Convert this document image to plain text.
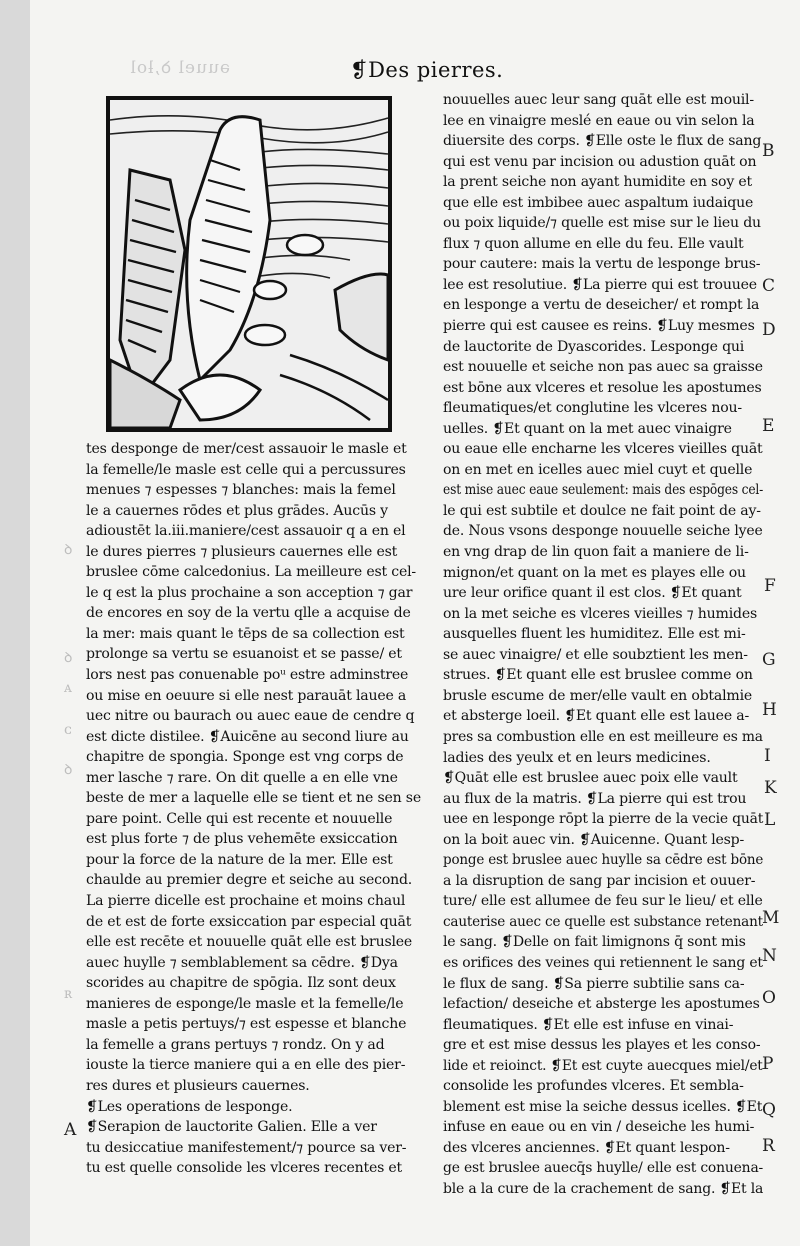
ǝuuel ꝺ,ƚol	❡Des pierres.
tes desponge de mer/cest assauoir le masle et
la femelle/le masle est celle qui a percussures
menues ⁊ espesses ⁊ blanches: mais la femel
le a cauernes rōdes et plus grādes. Aucūs y
adioustēt la.iii.maniere/cest assauoir q a en el
le dures pierres ⁊ plusieurs cauernes elle est
bruslee cōme calcedonius. La meilleure est cel-
le q est la plus prochaine a son acception ⁊ gar
de encores en soy de la vertu qlle a acquise de
la mer: mais quant le tēps de sa collection est
prolonge sa vertu se esuanoist et se passe/ et
lors nest pas conuenable poᵘ estre adminstree
ou mise en oeuure si elle nest parauāt lauee a
uec nitre ou baurach ou auec eaue de cendre q
est dicte distilee. ❡Auicēne au second liure au
chapitre de spongia. Sponge est vng corps de
mer lasche ⁊ rare. On dit quelle a en elle vne
beste de mer a laquelle elle se tient et ne sen se
pare point. Celle qui est recente et nouuelle
est plus forte ⁊ de plus vehemēte exsiccation
pour la force de la nature de la mer. Elle est
chaulde au premier degre et seiche au second.
La pierre dicelle est prochaine et moins chaul
de et est de forte exsiccation par especial quāt
elle est recēte et nouuelle quāt elle est bruslee
auec huylle ⁊ semblablement sa cēdre. ❡Dya
scorides au chapitre de spōgia. Ilz sont deux
manieres de esponge/le masle et la femelle/le
masle a petis pertuys/⁊ est espesse et blanche
la femelle a grans pertuys ⁊ rondz. On y ad
iouste la tierce maniere qui a en elle des pier-
res dures et plusieurs cauernes.
❡Les operations de lesponge.
❡Serapion de lauctorite Galien. Elle a ver
tu desiccatiue manifestement/⁊ pource sa ver-
tu est quelle consolide les vlceres recentes et
nouuelles auec leur sang quāt elle est mouil-
lee en vinaigre meslé en eaue ou vin selon la
diuersite des corps. ❡Elle oste le flux de sang
qui est venu par incision ou adustion quāt on
la prent seiche non ayant humidite en soy et
que elle est imbibee auec aspaltum iudaique
ou poix liquide/⁊ quelle est mise sur le lieu du
flux ⁊ quon allume en elle du feu. Elle vault
pour cautere: mais la vertu de lesponge brus-
lee est resolutiue. ❡La pierre qui est trouuee
en lesponge a vertu de deseicher/ et rompt la
pierre qui est causee es reins. ❡Luy mesmes
de lauctorite de Dyascorides. Lesponge qui
est nouuelle et seiche non pas auec sa graisse
est bōne aux vlceres et resolue les apostumes
fleumatiques/et conglutine les vlceres nou-
uelles. ❡Et quant on la met auec vinaigre
ou eaue elle encharne les vlceres vieilles quāt
on en met en icelles auec miel cuyt et quelle
est mise auec eaue seulement: mais des espōges cel-
le qui est subtile et doulce ne fait point de ay-
de. Nous vsons desponge nouuelle seiche lyee
en vng drap de lin quon fait a maniere de li-
mignon/et quant on la met es playes elle ou
ure leur orifice quant il est clos. ❡Et quant
on la met seiche es vlceres vieilles ⁊ humides
ausquelles fluent les humiditez. Elle est mi-
se auec vinaigre/ et elle soubztient les men-
strues. ❡Et quant elle est bruslee comme on
brusle escume de mer/elle vault en obtalmie
et absterge loeil. ❡Et quant elle est lauee a-
pres sa combustion elle en est meilleure es ma
ladies des yeulx et en leurs medicines.
❡Quāt elle est bruslee auec poix elle vault
au flux de la matris. ❡La pierre qui est trou
uee en lesponge rōpt la pierre de la vecie quāt
on la boit auec vin. ❡Auicenne. Quant lesp-
ponge est bruslee auec huylle sa cēdre est bōne
a la disruption de sang par incision et ouuer-
ture/ elle est allumee de feu sur le lieu/ et elle
cauterise auec ce quelle est substance retenant
le sang. ❡Delle on fait limignons q̄ sont mis
es orifices des veines qui retiennent le sang et
le flux de sang. ❡Sa pierre subtilie sans ca-
lefaction/ deseiche et absterge les apostumes
fleumatiques. ❡Et elle est infuse en vinai-
gre et est mise dessus les playes et les conso-
lide et reioinct. ❡Et est cuyte auecques miel/et
consolide les profundes vlceres. Et sembla-
blement est mise la seiche dessus icelles. ❡Et
infuse en eaue ou en vin / deseiche les humi-
des vlceres anciennes. ❡Et quant lespon-
ge est bruslee auecq̄s huylle/ elle est conuena-
ble a la cure de la crachement de sang. ❡Et la
B
C
D
E
F
G
H
I
K
L
M
N
O
P
Q
R
A
ꝺ
ꝺ
ᴀ
ᴄ
ꝺ
ʀ
